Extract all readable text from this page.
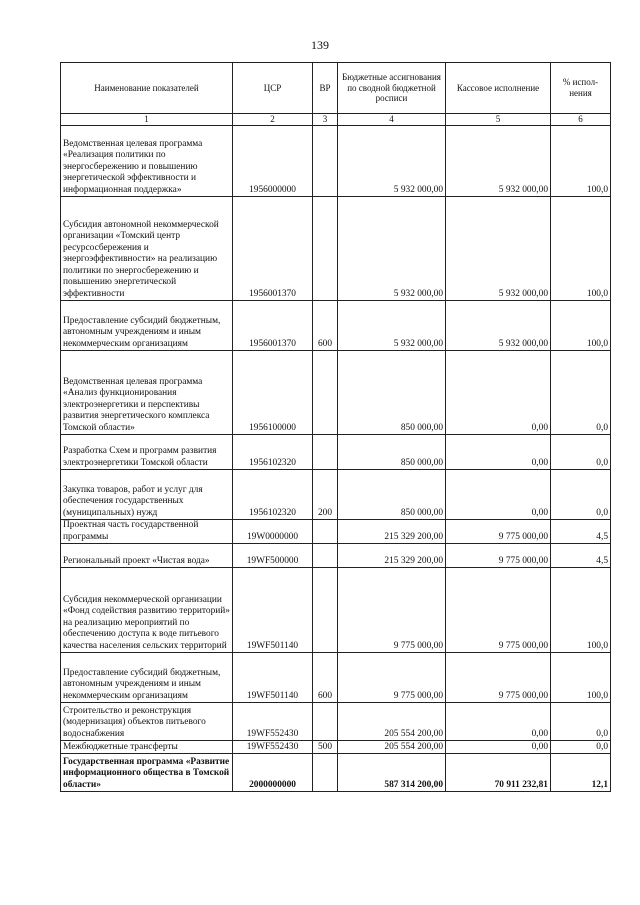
139
Наименование показателей	ЦСР	ВР	Бюджетные ассигнования по сводной бюджетной росписи	Кассовое исполнение	% испол-нения
1	2	3	4	5	6
Ведомственная целевая программа «Реализация политики по энергосбережению и повышению энергетической эффективности и информационная поддержка»	1956000000		5 932 000,00	5 932 000,00	100,0
Субсидия автономной некоммерческой организации «Томский центр ресурсосбережения и энергоэффективности» на реализацию политики по энергосбережению и повышению энергетической эффективности	1956001370		5 932 000,00	5 932 000,00	100,0
Предоставление субсидий бюджетным, автономным учреждениям и иным некоммерческим организациям	1956001370	600	5 932 000,00	5 932 000,00	100,0
Ведомственная целевая программа «Анализ функционирования электроэнергетики и перспективы развития энергетического комплекса Томской области»	1956100000		850 000,00	0,00	0,0
Разработка Схем и программ развития электроэнергетики Томской области	1956102320		850 000,00	0,00	0,0
Закупка товаров, работ и услуг для обеспечения государственных (муниципальных) нужд	1956102320	200	850 000,00	0,00	0,0
Проектная часть государственной программы	19W0000000		215 329 200,00	9 775 000,00	4,5
Региональный проект «Чистая вода»	19WF500000		215 329 200,00	9 775 000,00	4,5
Субсидия некоммерческой организации «Фонд содействия развитию территорий» на реализацию мероприятий по обеспечению доступа к воде питьевого качества населения сельских территорий	19WF501140		9 775 000,00	9 775 000,00	100,0
Предоставление субсидий бюджетным, автономным учреждениям и иным некоммерческим организациям	19WF501140	600	9 775 000,00	9 775 000,00	100,0
Строительство и реконструкция (модернизация) объектов питьевого водоснабжения	19WF552430		205 554 200,00	0,00	0,0
Межбюджетные трансферты	19WF552430	500	205 554 200,00	0,00	0,0
Государственная программа «Развитие информационного общества в Томской области»	2000000000		587 314 200,00	70 911 232,81	12,1
